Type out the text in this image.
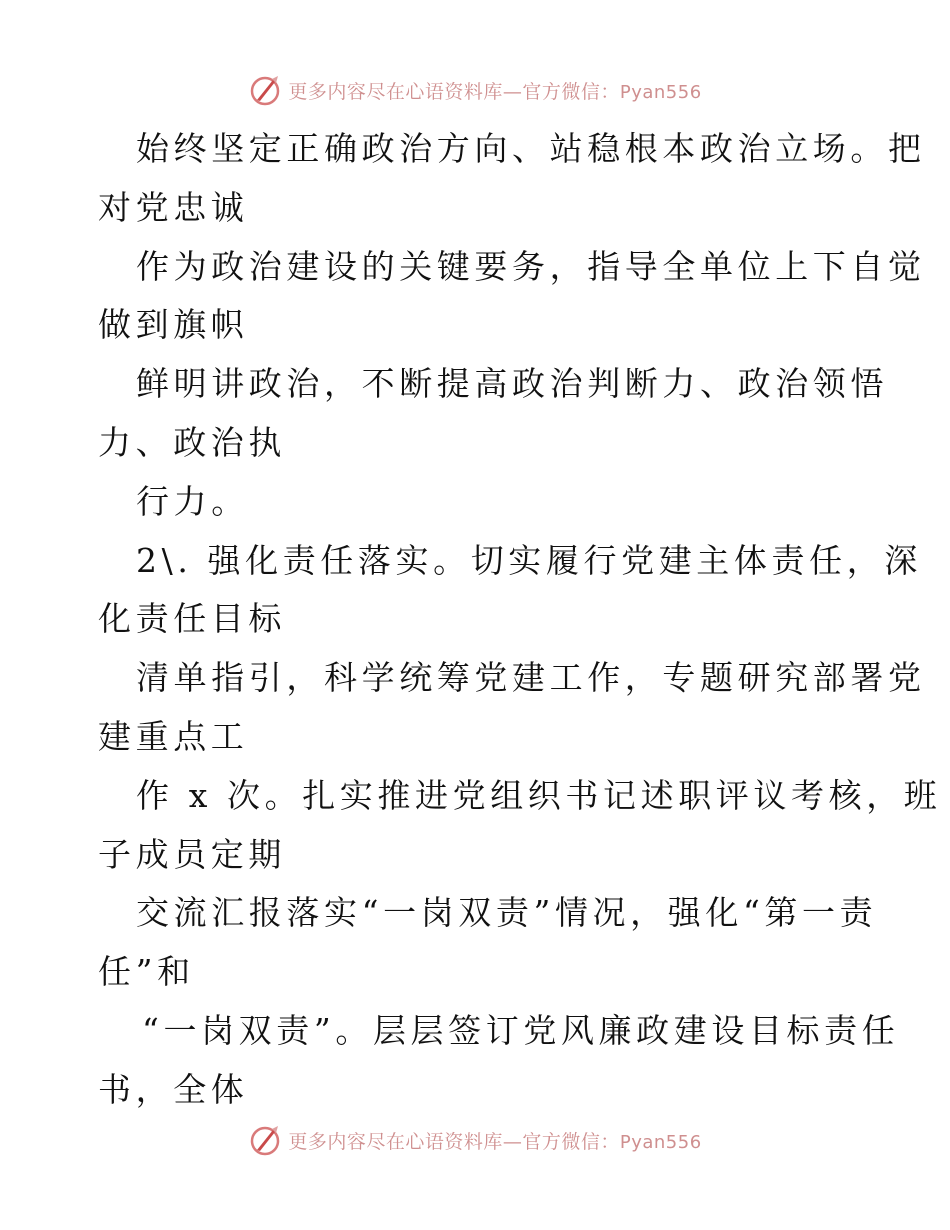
更多内容尽在心语资料库—官方微信：Pyan556
始终坚定正确政治方向、站稳根本政治立场。把
对党忠诚
作为政治建设的关键要务，指导全单位上下自觉
做到旗帜
鲜明讲政治，不断提高政治判断力、政治领悟
力、政治执
行力。
2\. 强化责任落实。切实履行党建主体责任，深
化责任目标
清单指引，科学统筹党建工作，专题研究部署党
建重点工
作 x 次。扎实推进党组织书记述职评议考核，班
子成员定期
交流汇报落实“一岗双责”情况，强化“第一责
任”和
“一岗双责”。层层签订党风廉政建设目标责任
书，全体
更多内容尽在心语资料库—官方微信：Pyan556
